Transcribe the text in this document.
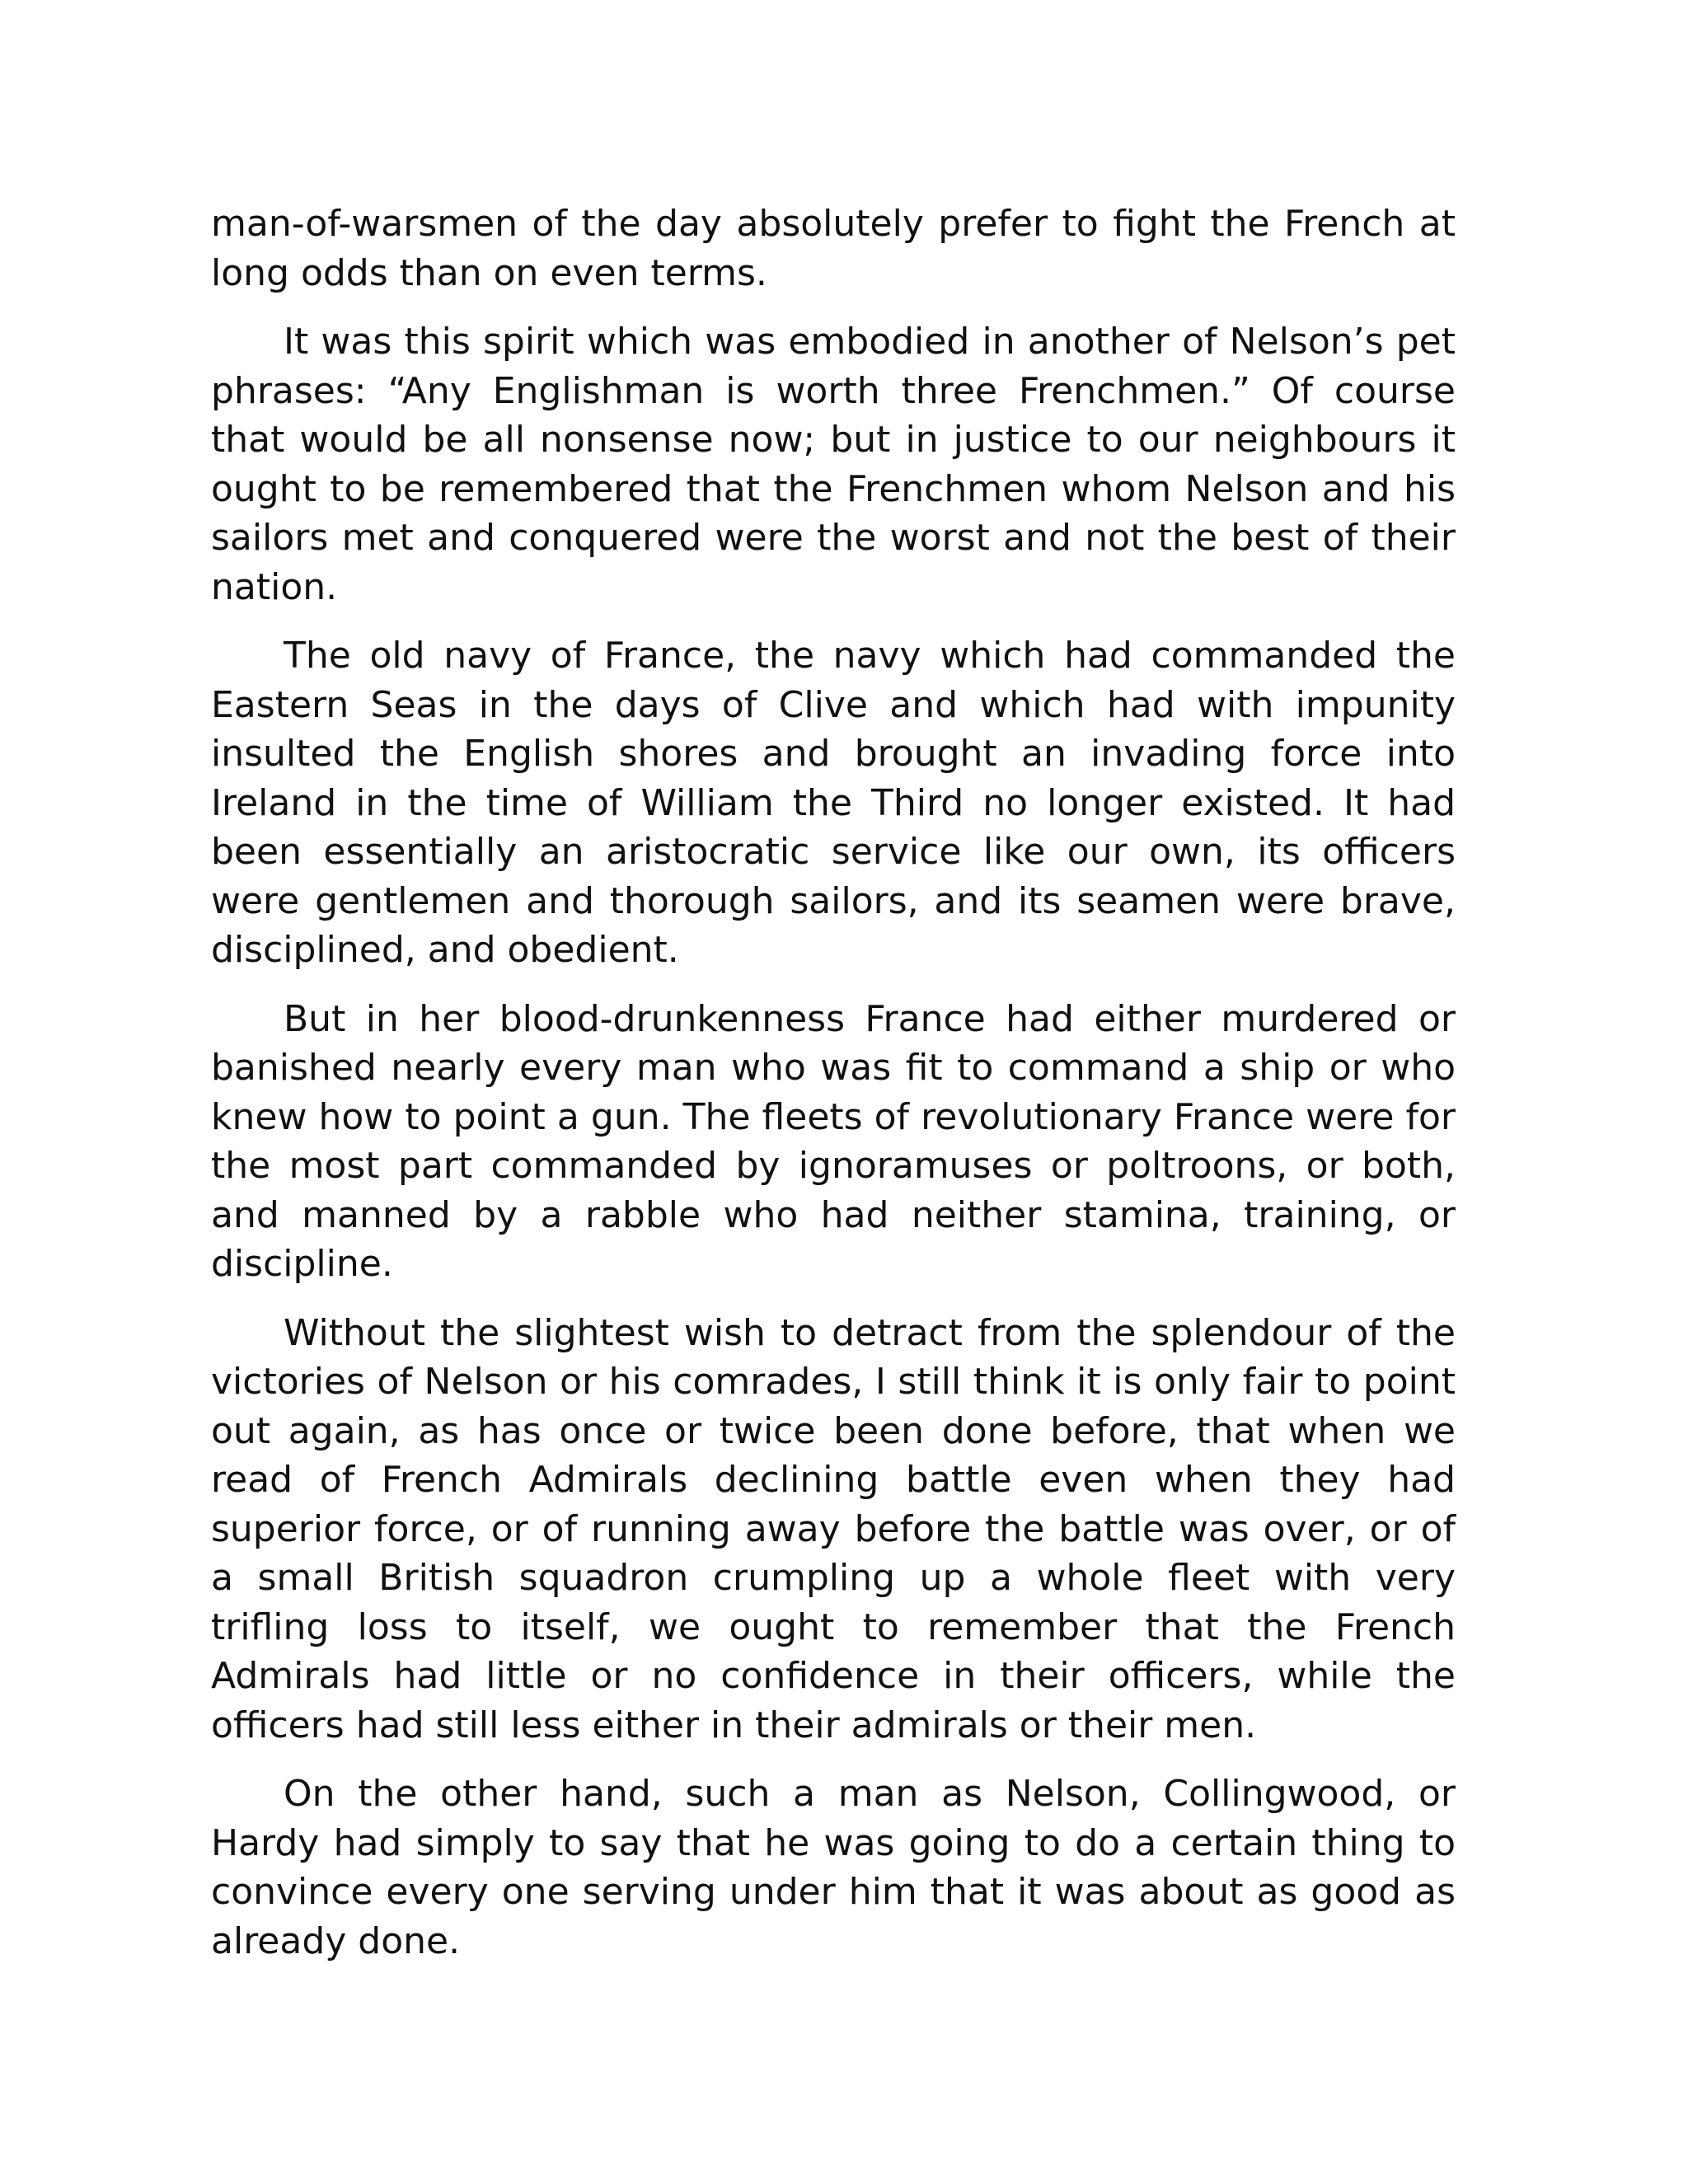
man-of-warsmen of the day absolutely prefer to fight the French at long odds than on even terms.

It was this spirit which was embodied in another of Nelson’s pet phrases: “Any Englishman is worth three Frenchmen.” Of course that would be all nonsense now; but in justice to our neighbours it ought to be remembered that the Frenchmen whom Nelson and his sailors met and conquered were the worst and not the best of their nation.

The old navy of France, the navy which had commanded the Eastern Seas in the days of Clive and which had with impunity insulted the English shores and brought an invading force into Ireland in the time of William the Third no longer existed. It had been essentially an aristocratic service like our own, its officers were gentlemen and thorough sailors, and its seamen were brave, disciplined, and obedient.

But in her blood-drunkenness France had either murdered or banished nearly every man who was fit to command a ship or who knew how to point a gun. The fleets of revolutionary France were for the most part commanded by ignoramuses or poltroons, or both, and manned by a rabble who had neither stamina, training, or discipline.

Without the slightest wish to detract from the splendour of the victories of Nelson or his comrades, I still think it is only fair to point out again, as has once or twice been done before, that when we read of French Admirals declining battle even when they had superior force, or of running away before the battle was over, or of a small British squadron crumpling up a whole fleet with very trifling loss to itself, we ought to remember that the French Admirals had little or no confidence in their officers, while the officers had still less either in their admirals or their men.

On the other hand, such a man as Nelson, Collingwood, or Hardy had simply to say that he was going to do a certain thing to convince every one serving under him that it was about as good as already done.
